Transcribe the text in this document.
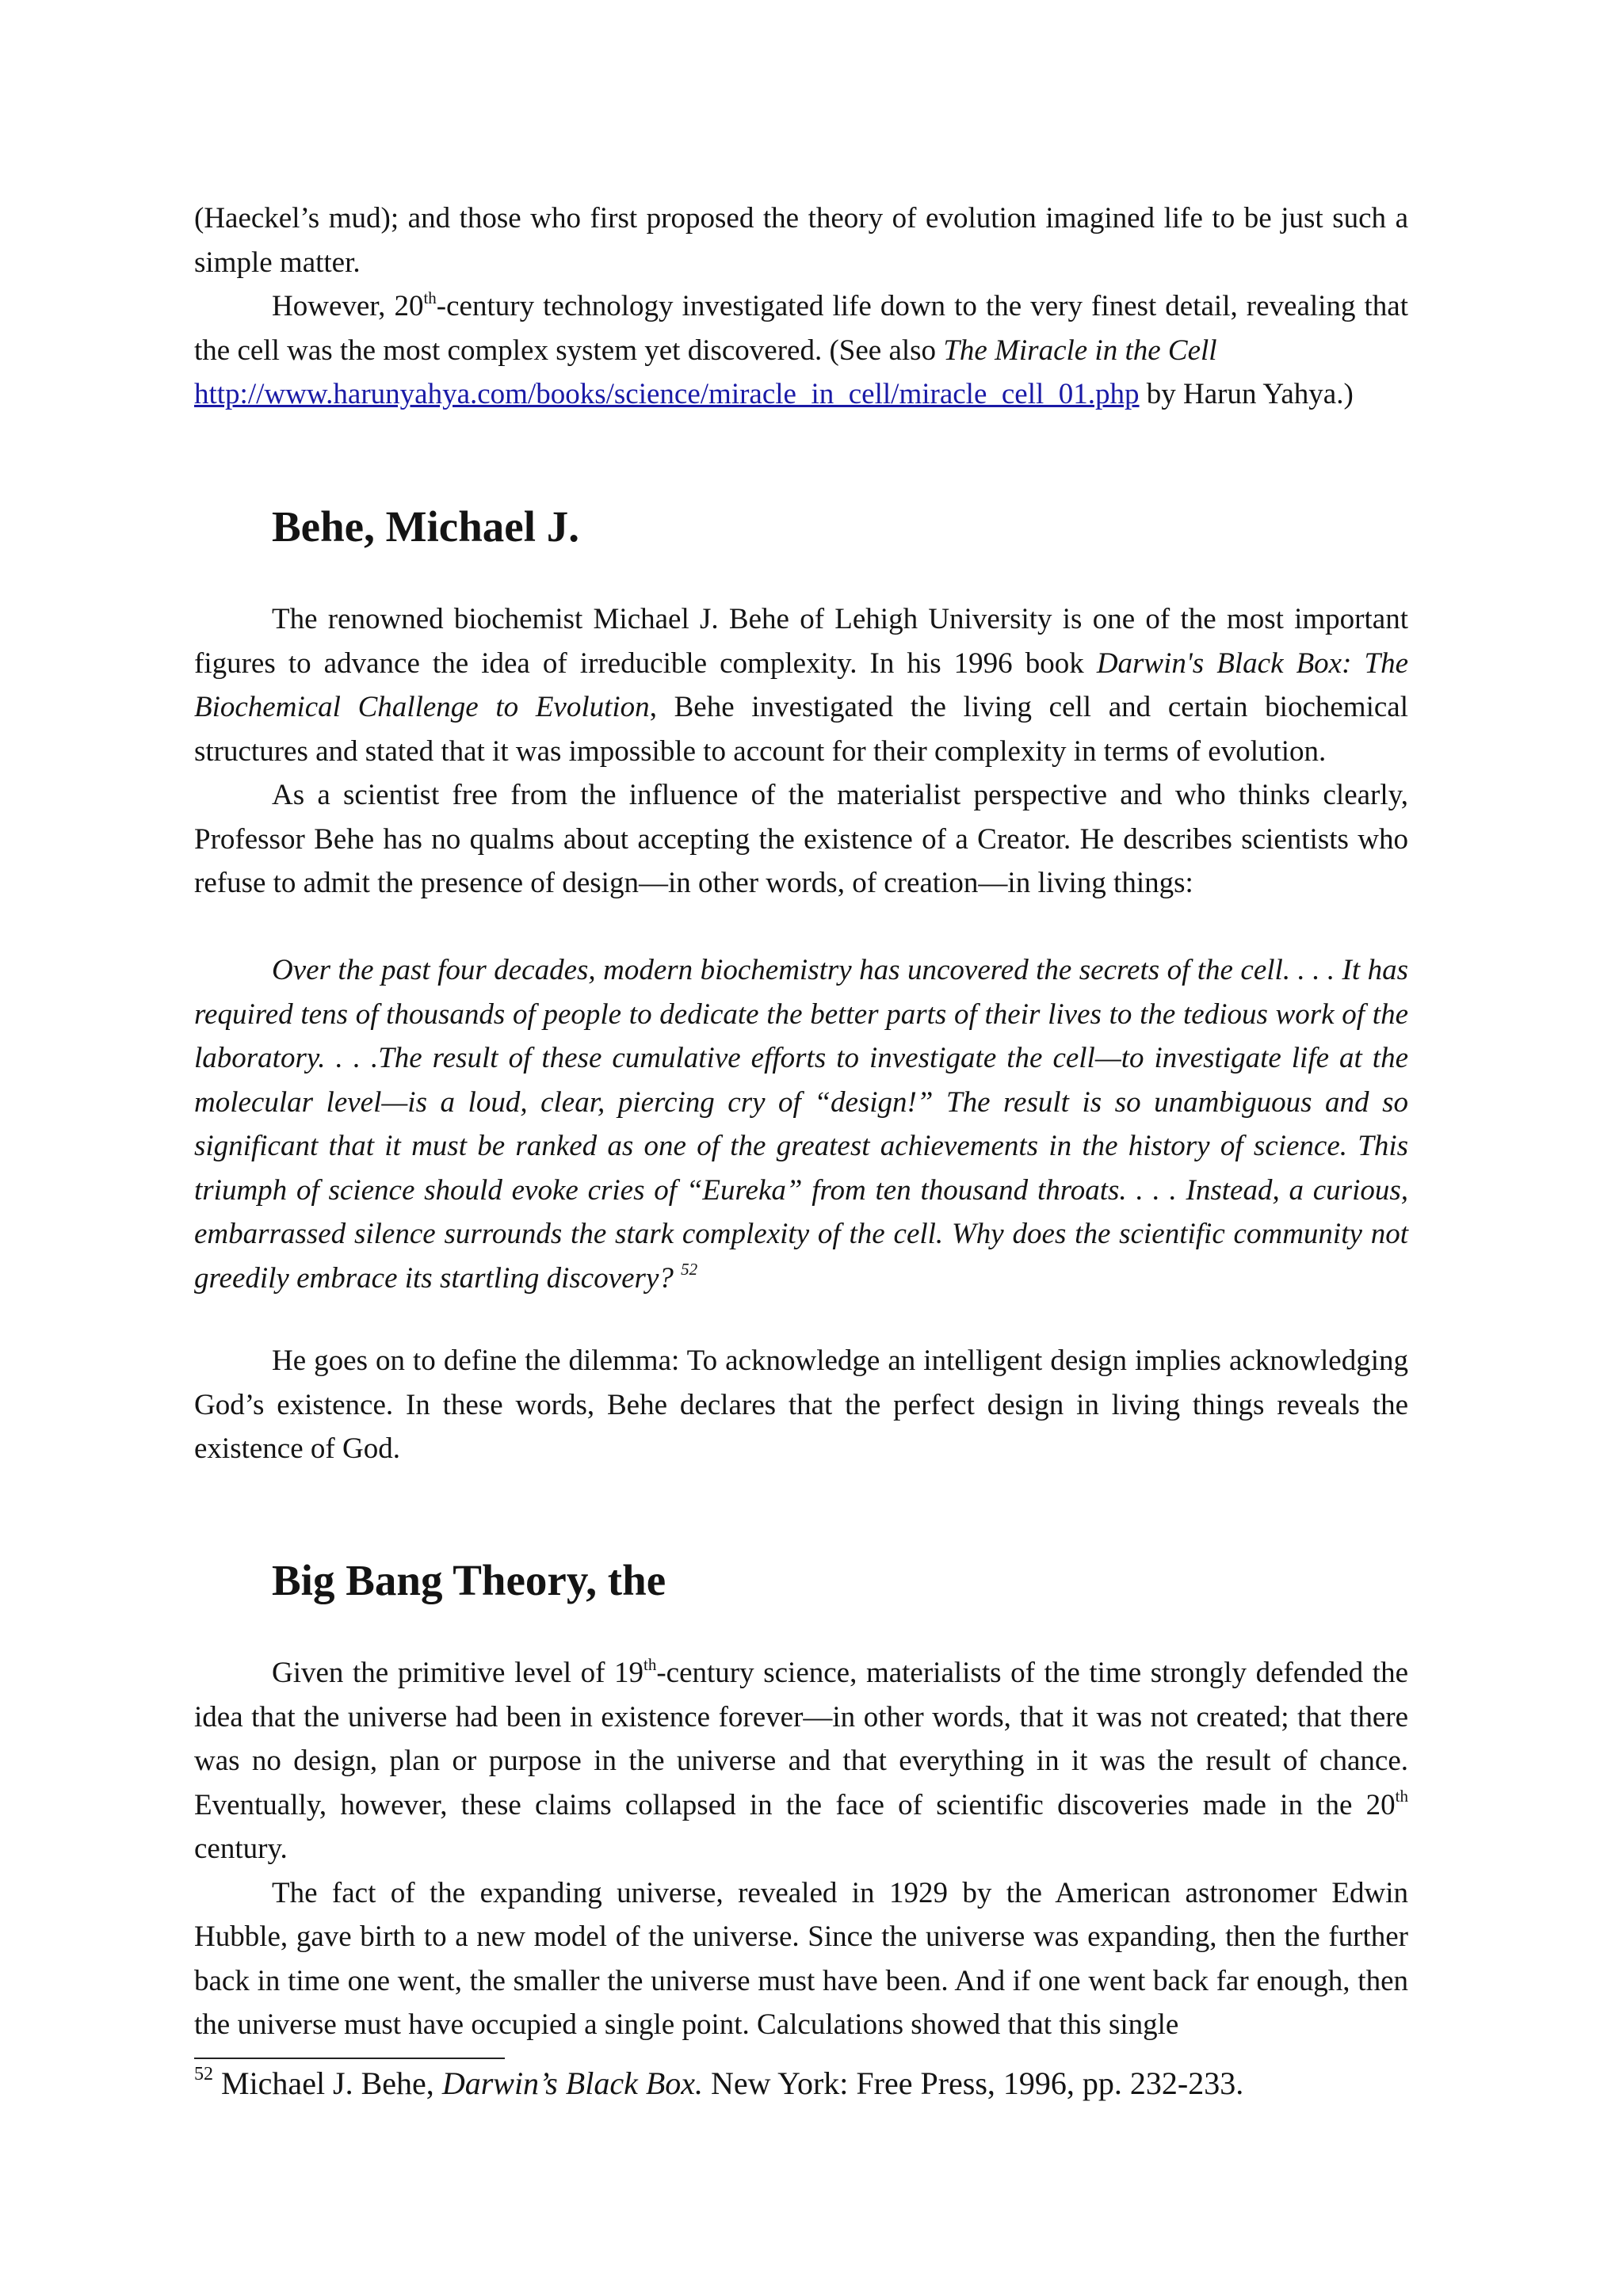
(Haeckel’s mud); and those who first proposed the theory of evolution imagined life to be just such a simple matter.

However, 20th-century technology investigated life down to the very finest detail, revealing that the cell was the most complex system yet discovered. (See also The Miracle in the Cell
http://www.harunyahya.com/books/science/miracle_in_cell/miracle_cell_01.php by Harun Yahya.)

Behe, Michael J.

The renowned biochemist Michael J. Behe of Lehigh University is one of the most important figures to advance the idea of irreducible complexity. In his 1996 book Darwin's Black Box: The Biochemical Challenge to Evolution, Behe investigated the living cell and certain biochemical structures and stated that it was impossible to account for their complexity in terms of evolution.

As a scientist free from the influence of the materialist perspective and who thinks clearly, Professor Behe has no qualms about accepting the existence of a Creator. He describes scientists who refuse to admit the presence of design—in other words, of creation—in living things:

Over the past four decades, modern biochemistry has uncovered the secrets of the cell. . . . It has required tens of thousands of people to dedicate the better parts of their lives to the tedious work of the laboratory. . . .The result of these cumulative efforts to investigate the cell—to investigate life at the molecular level—is a loud, clear, piercing cry of “design!” The result is so unambiguous and so significant that it must be ranked as one of the greatest achievements in the history of science. This triumph of science should evoke cries of “Eureka” from ten thousand throats. . . . Instead, a curious, embarrassed silence surrounds the stark complexity of the cell. Why does the scientific community not greedily embrace its startling discovery? $^{52}$

He goes on to define the dilemma: To acknowledge an intelligent design implies acknowledging God’s existence. In these words, Behe declares that the perfect design in living things reveals the existence of God.

Big Bang Theory, the

Given the primitive level of 19th-century science, materialists of the time strongly defended the idea that the universe had been in existence forever—in other words, that it was not created; that there was no design, plan or purpose in the universe and that everything in it was the result of chance. Eventually, however, these claims collapsed in the face of scientific discoveries made in the 20th century.

The fact of the expanding universe, revealed in 1929 by the American astronomer Edwin Hubble, gave birth to a new model of the universe. Since the universe was expanding, then the further back in time one went, the smaller the universe must have been. And if one went back far enough, then the universe must have occupied a single point. Calculations showed that this single

$^{52}$ Michael J. Behe, Darwin’s Black Box. New York: Free Press, 1996, pp. 232-233.
